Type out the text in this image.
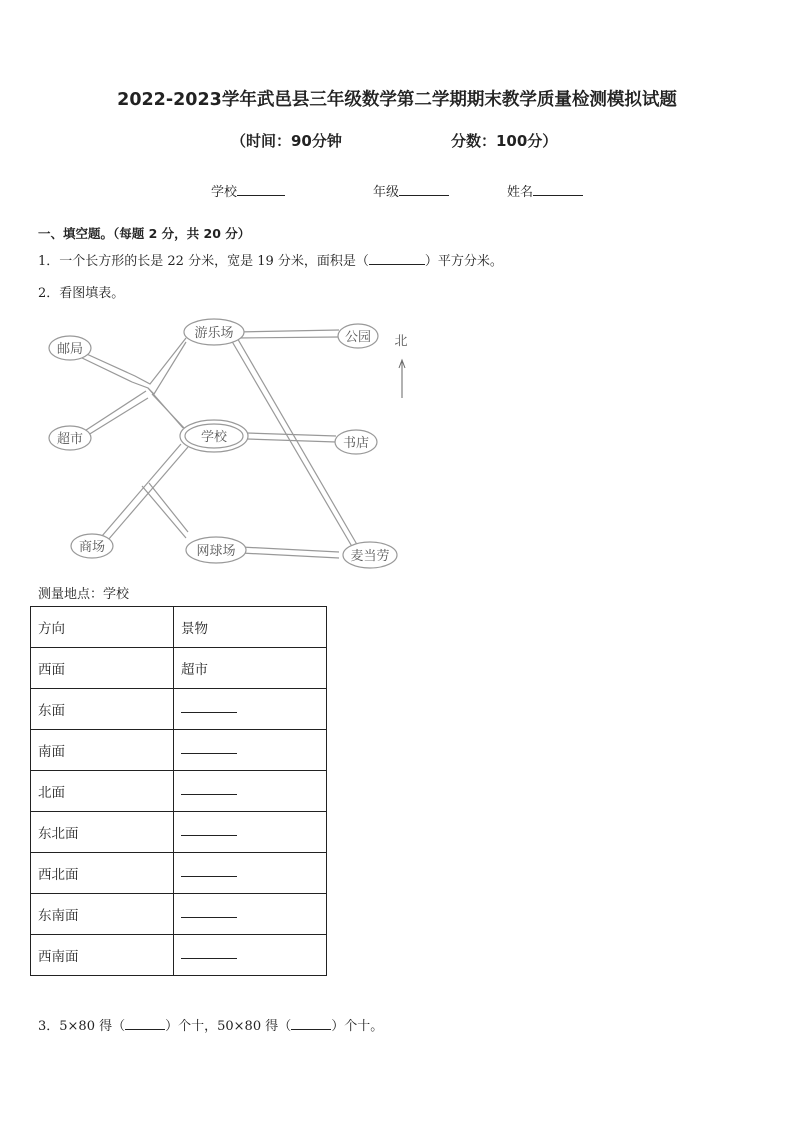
2022-2023学年武邑县三年级数学第二学期期末教学质量检测模拟试题
（时间：90分钟	分数：100分）
学校	年级	姓名
一、填空题。（每题 2 分，共 20 分）
1．一个长方形的长是 22 分米，宽是 19 分米，面积是（	）平方分米。
2．看图填表。
邮局
游乐场	公园
超市	学校	书店
商场	网球场	麦当劳
北
测量地点：学校
方向	景物
西面	超市
东面	
南面	
北面	
东北面	
西北面	
东南面	
西南面	
3．5×80 得（	）个十，50×80 得（	）个十。
